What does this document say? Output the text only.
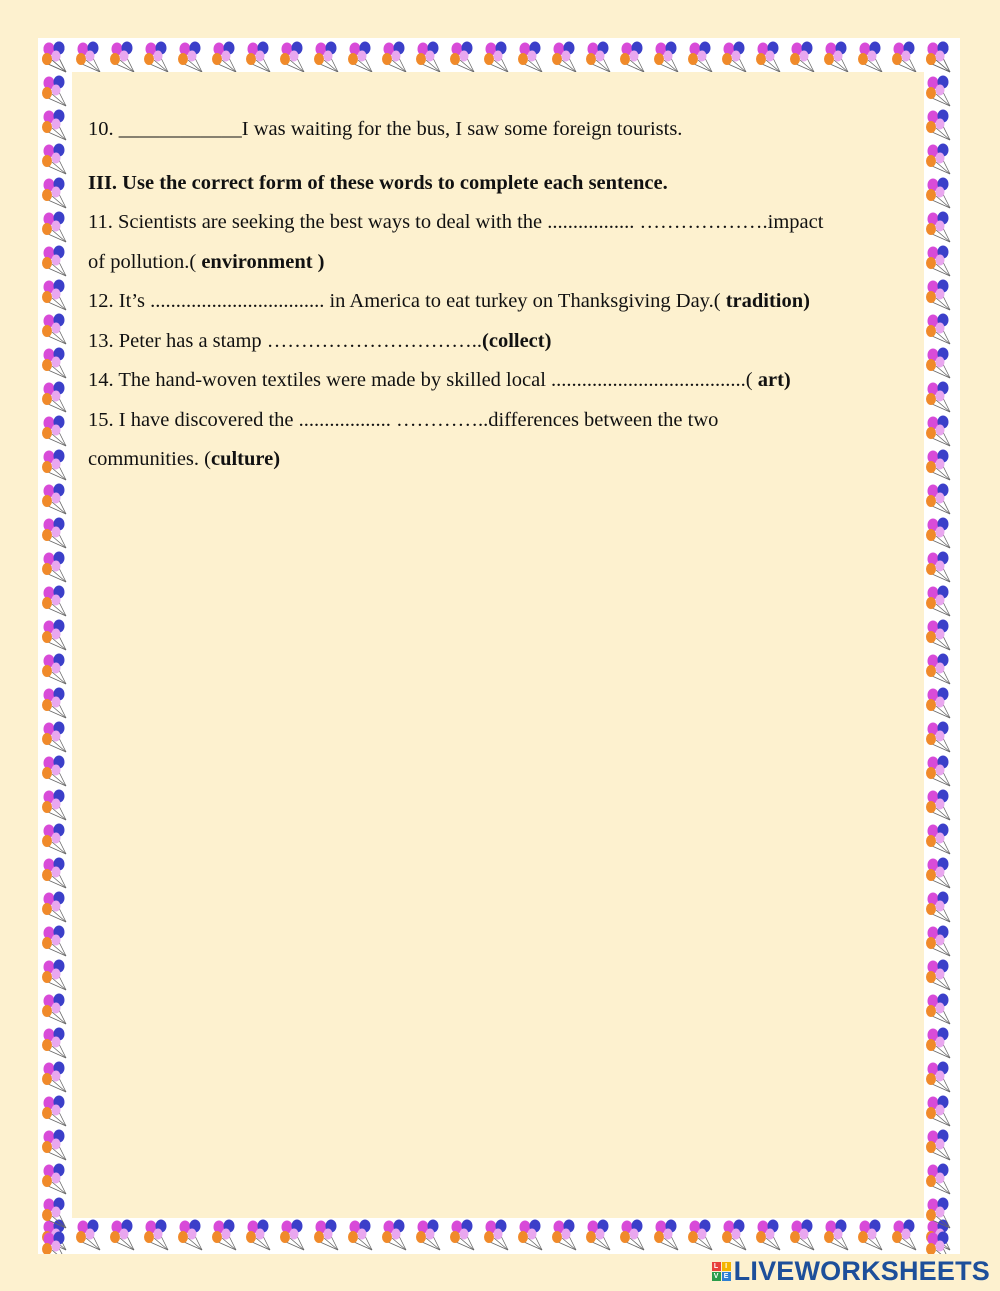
10. ____________I was waiting for the bus, I saw some foreign tourists.
III. Use the correct form of these words to complete each sentence.
11. Scientists are seeking the best ways to deal with the ................. ……………….impact
of pollution.( environment )
12. It’s .................................. in America to eat turkey on Thanksgiving Day.( tradition)
13. Peter has a stamp …………………………..(collect)
14. The hand-woven textiles were made by skilled local ......................................( art)
15. I have discovered the .................. …………..differences between the two
communities. (culture)
L I
V E LIVEWORKSHEETS
